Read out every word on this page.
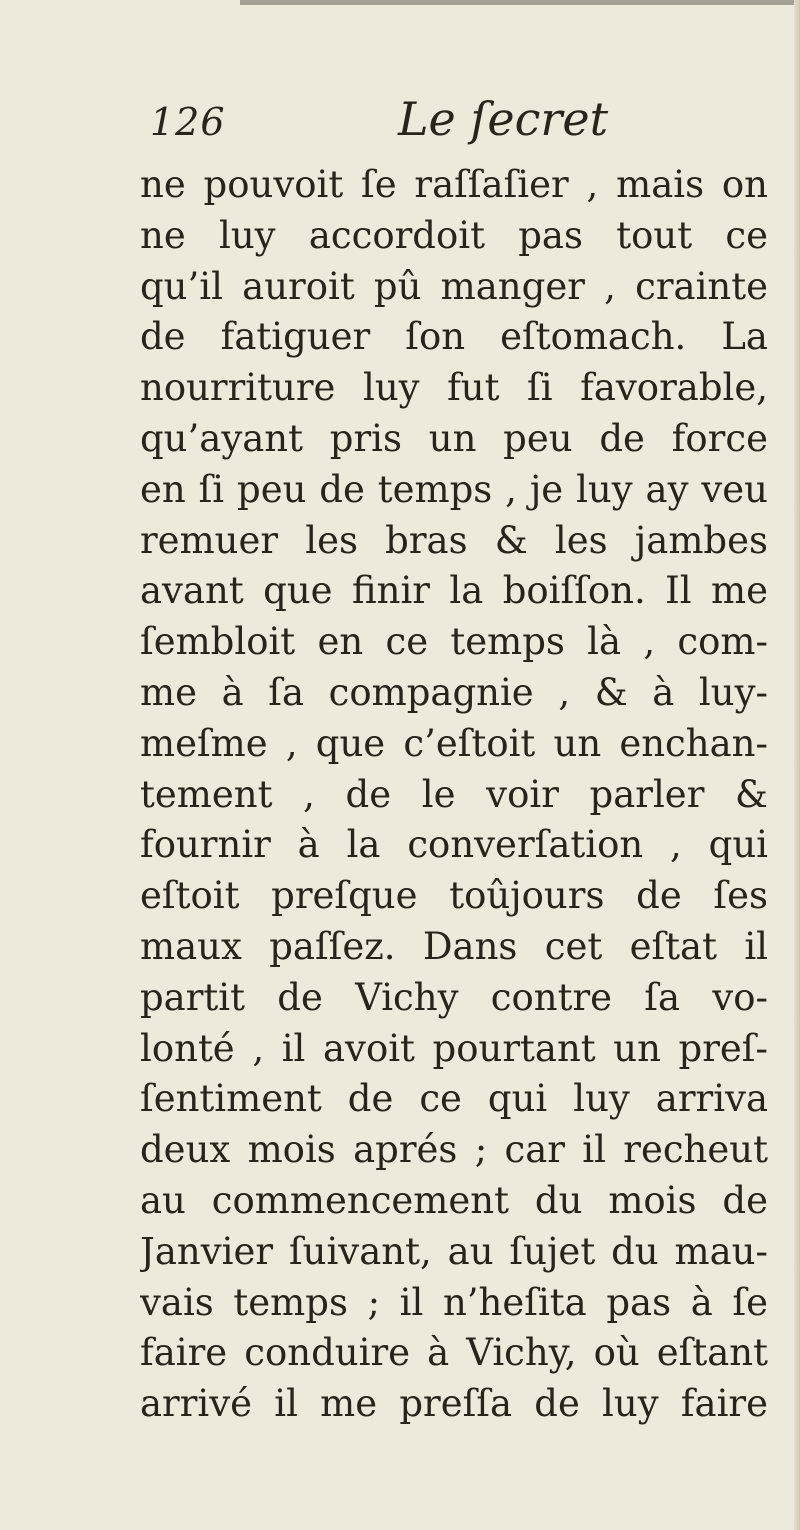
126	Le ſecret
ne pouvoit ſe raſſaſier , mais on
ne luy accordoit pas tout ce
qu’il auroit pû manger , crainte
de fatiguer ſon eſtomach. La
nourriture luy fut ſi favorable,
qu’ayant pris un peu de force
en ſi peu de temps , je luy ay veu
remuer les bras & les jambes
avant que finir la boiſſon. Il me
ſembloit en ce temps là , com-
me à ſa compagnie , & à luy-
meſme , que c’eſtoit un enchan-
tement , de le voir parler &
fournir à la converſation , qui
eſtoit preſque toûjours de ſes
maux paſſez. Dans cet eſtat il
partit de Vichy contre ſa vo-
lonté , il avoit pourtant un preſ-
ſentiment de ce qui luy arriva
deux mois aprés ; car il recheut
au commencement du mois de
Janvier ſuivant, au ſujet du mau-
vais temps ; il n’heſita pas à ſe
faire conduire à Vichy, où eſtant
arrivé il me preſſa de luy faire
